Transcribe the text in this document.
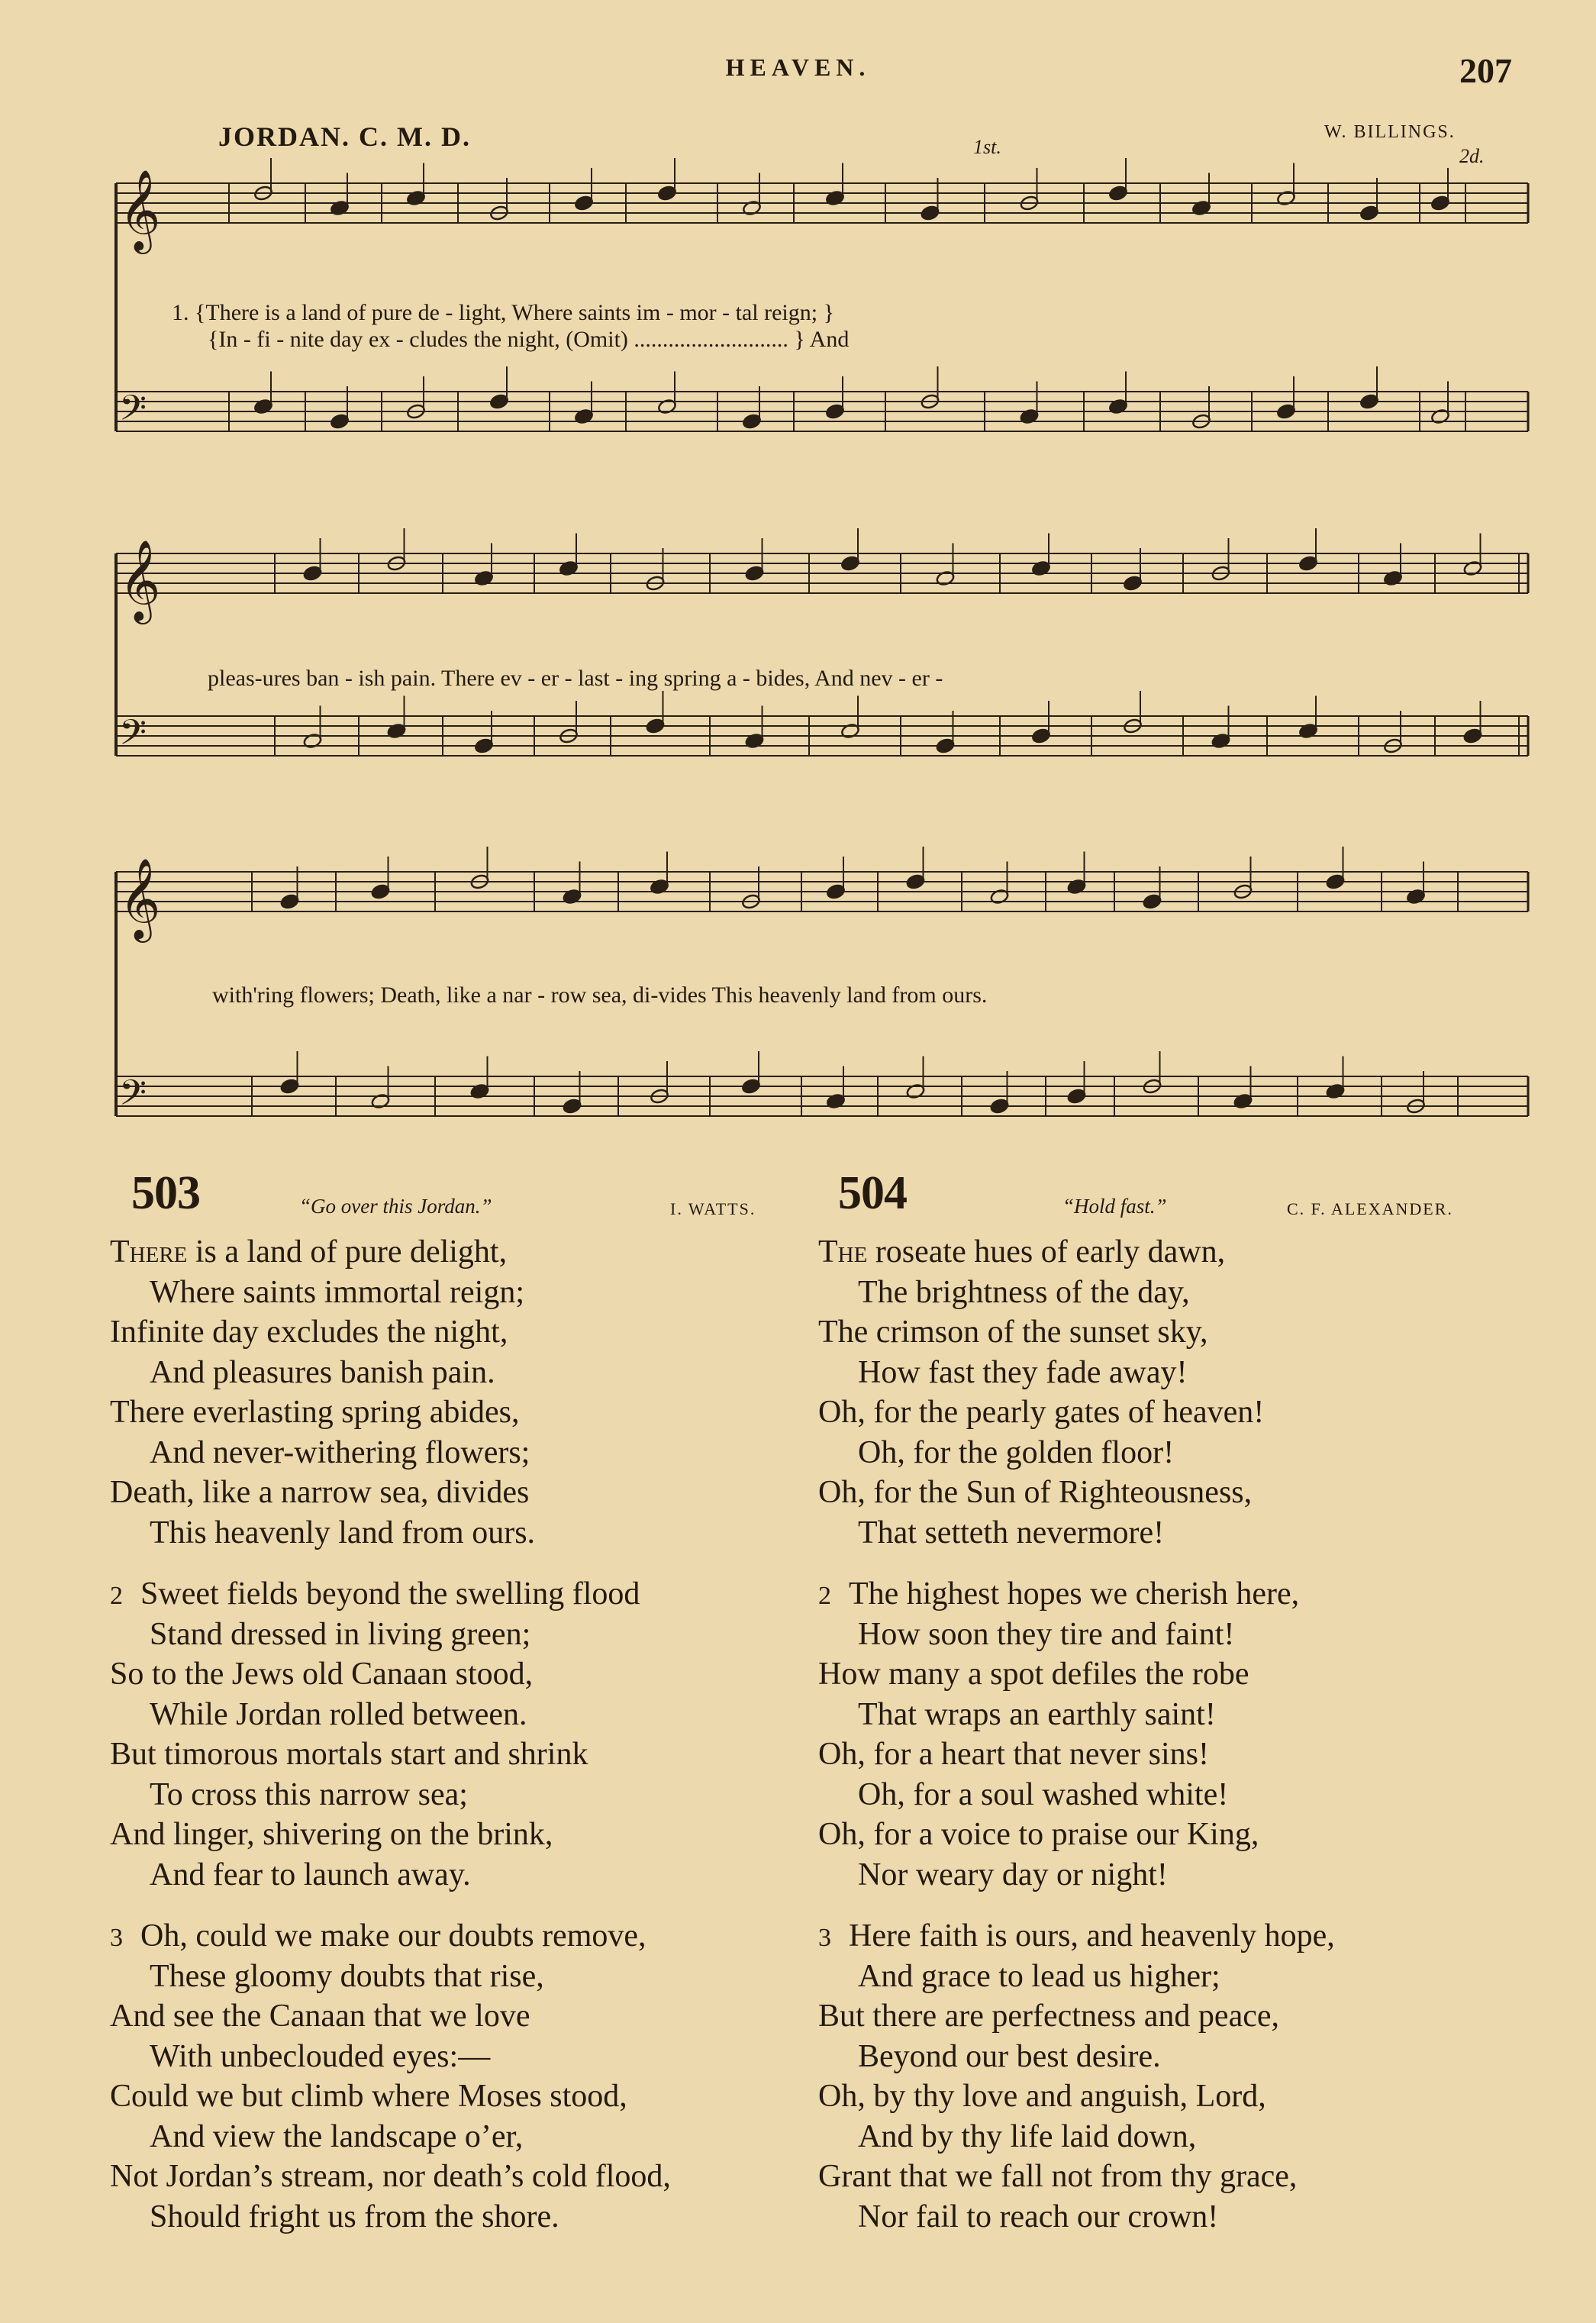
HEAVEN.	207
JORDAN. C. M. D.	W. BILLINGS.
𝄞
𝄢
𝄞
𝄢
𝄞
𝄢
1st.	2d.
1. {There is a land of pure de - light, Where saints im - mor - tal reign; }
{In - fi - nite day ex - cludes the night, (Omit) ........................... } And
pleas-ures ban - ish pain. There ev - er - last - ing spring a - bides, And nev - er -
with'ring flowers; Death, like a nar - row sea, di-vides This heavenly land from ours.
503	“Go over this Jordan.”	I. WATTS. 504	“Hold fast.”	C. F. ALEXANDER.
There is a land of pure delight,
Where saints immortal reign;
Infinite day excludes the night,
And pleasures banish pain.
There everlasting spring abides,
And never-withering flowers;
Death, like a narrow sea, divides
This heavenly land from ours.
2 Sweet fields beyond the swelling flood
Stand dressed in living green;
So to the Jews old Canaan stood,
While Jordan rolled between.
But timorous mortals start and shrink
To cross this narrow sea;
And linger, shivering on the brink,
And fear to launch away.
3 Oh, could we make our doubts remove,
These gloomy doubts that rise,
And see the Canaan that we love
With unbeclouded eyes:—
Could we but climb where Moses stood,
And view the landscape o’er,
Not Jordan’s stream, nor death’s cold flood,
Should fright us from the shore.
The roseate hues of early dawn,
The brightness of the day,
The crimson of the sunset sky,
How fast they fade away!
Oh, for the pearly gates of heaven!
Oh, for the golden floor!
Oh, for the Sun of Righteousness,
That setteth nevermore!
2 The highest hopes we cherish here,
How soon they tire and faint!
How many a spot defiles the robe
That wraps an earthly saint!
Oh, for a heart that never sins!
Oh, for a soul washed white!
Oh, for a voice to praise our King,
Nor weary day or night!
3 Here faith is ours, and heavenly hope,
And grace to lead us higher;
But there are perfectness and peace,
Beyond our best desire.
Oh, by thy love and anguish, Lord,
And by thy life laid down,
Grant that we fall not from thy grace,
Nor fail to reach our crown!
